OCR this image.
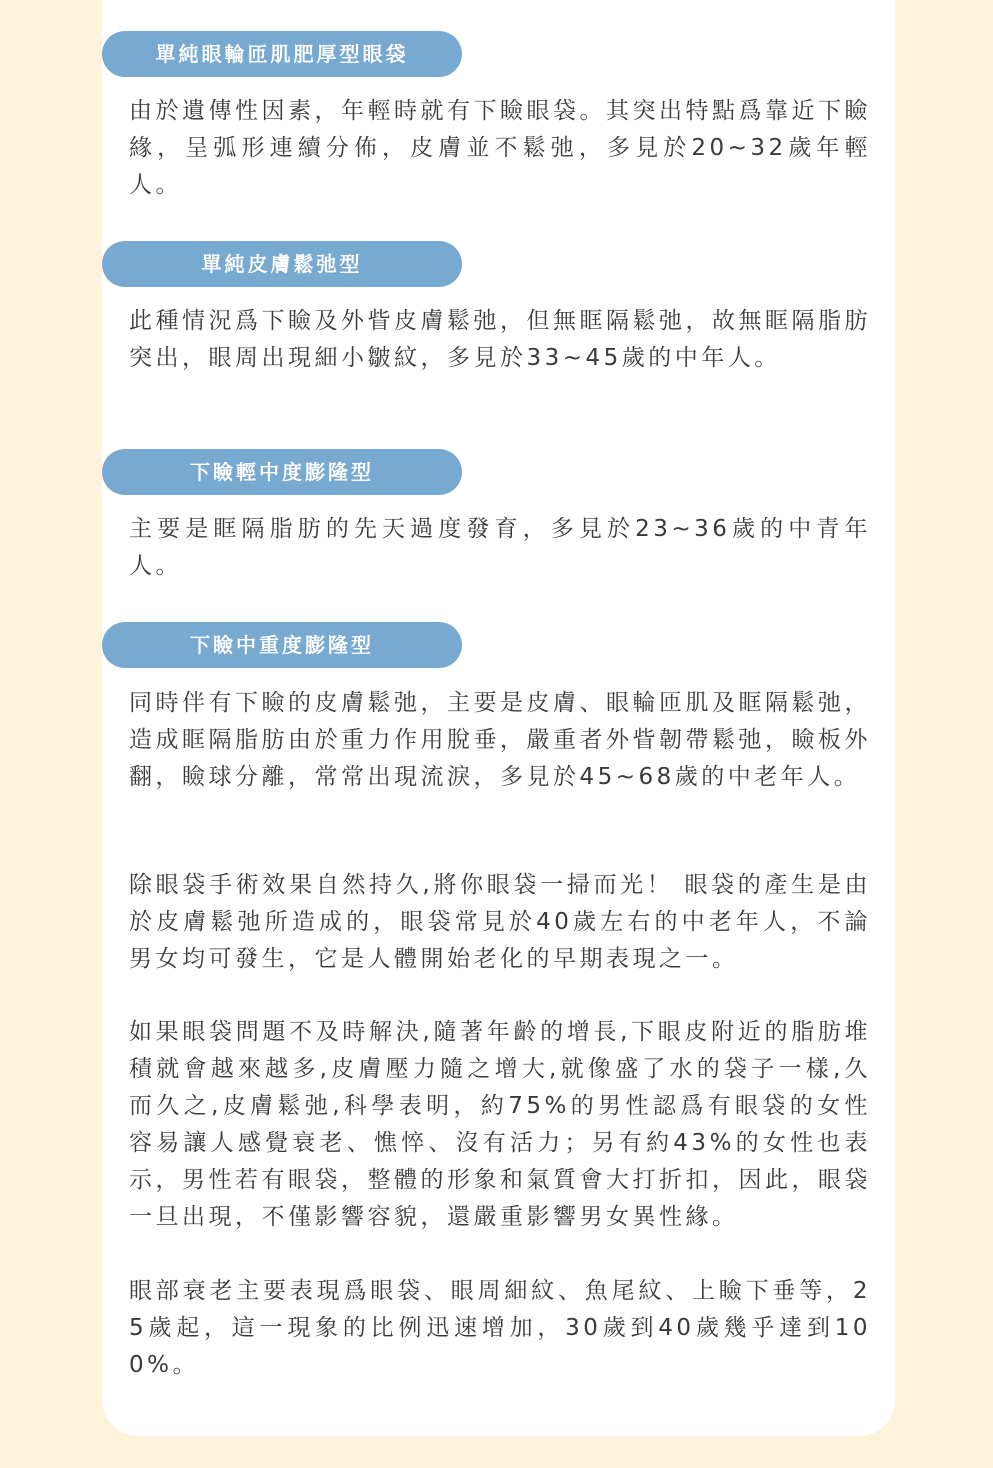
單純眼輪匝肌肥厚型眼袋

由於遺傳性因素，年輕時就有下瞼眼袋。其突出特點爲靠近下瞼緣，呈弧形連續分佈，皮膚並不鬆弛，多見於20~32歲年輕人。

單純皮膚鬆弛型

此種情況爲下瞼及外眥皮膚鬆弛，但無眶隔鬆弛，故無眶隔脂肪突出，眼周出現細小皺紋，多見於33~45歲的中年人。

下瞼輕中度膨隆型

主要是眶隔脂肪的先天過度發育，多見於23~36歲的中青年人。

下瞼中重度膨隆型

同時伴有下瞼的皮膚鬆弛，主要是皮膚、眼輪匝肌及眶隔鬆弛，造成眶隔脂肪由於重力作用脫垂，嚴重者外眥韌帶鬆弛，瞼板外翻，瞼球分離，常常出現流淚，多見於45~68歲的中老年人。

除眼袋手術效果自然持久,將你眼袋一掃而光！ 眼袋的產生是由於皮膚鬆弛所造成的，眼袋常見於40歲左右的中老年人，不論男女均可發生，它是人體開始老化的早期表現之一。

如果眼袋問題不及時解決,隨著年齡的增長,下眼皮附近的脂肪堆積就會越來越多,皮膚壓力隨之增大,就像盛了水的袋子一樣,久而久之,皮膚鬆弛,科學表明，約75%的男性認爲有眼袋的女性容易讓人感覺衰老、憔悴、沒有活力；另有約43%的女性也表示，男性若有眼袋，整體的形象和氣質會大打折扣，因此，眼袋一旦出現，不僅影響容貌，還嚴重影響男女異性緣。

眼部衰老主要表現爲眼袋、眼周細紋、魚尾紋、上瞼下垂等，25歲起，這一現象的比例迅速增加，30歲到40歲幾乎達到100%。
